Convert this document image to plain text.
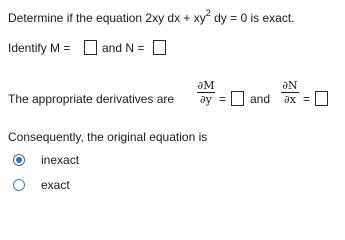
Determine if the equation 2xy dx + $xy^2$ dy = 0 is exact.
Identify M =	and N =
The appropriate derivatives are
∂M
∂y = and
∂N
∂x =
Consequently, the original equation is
inexact
exact
